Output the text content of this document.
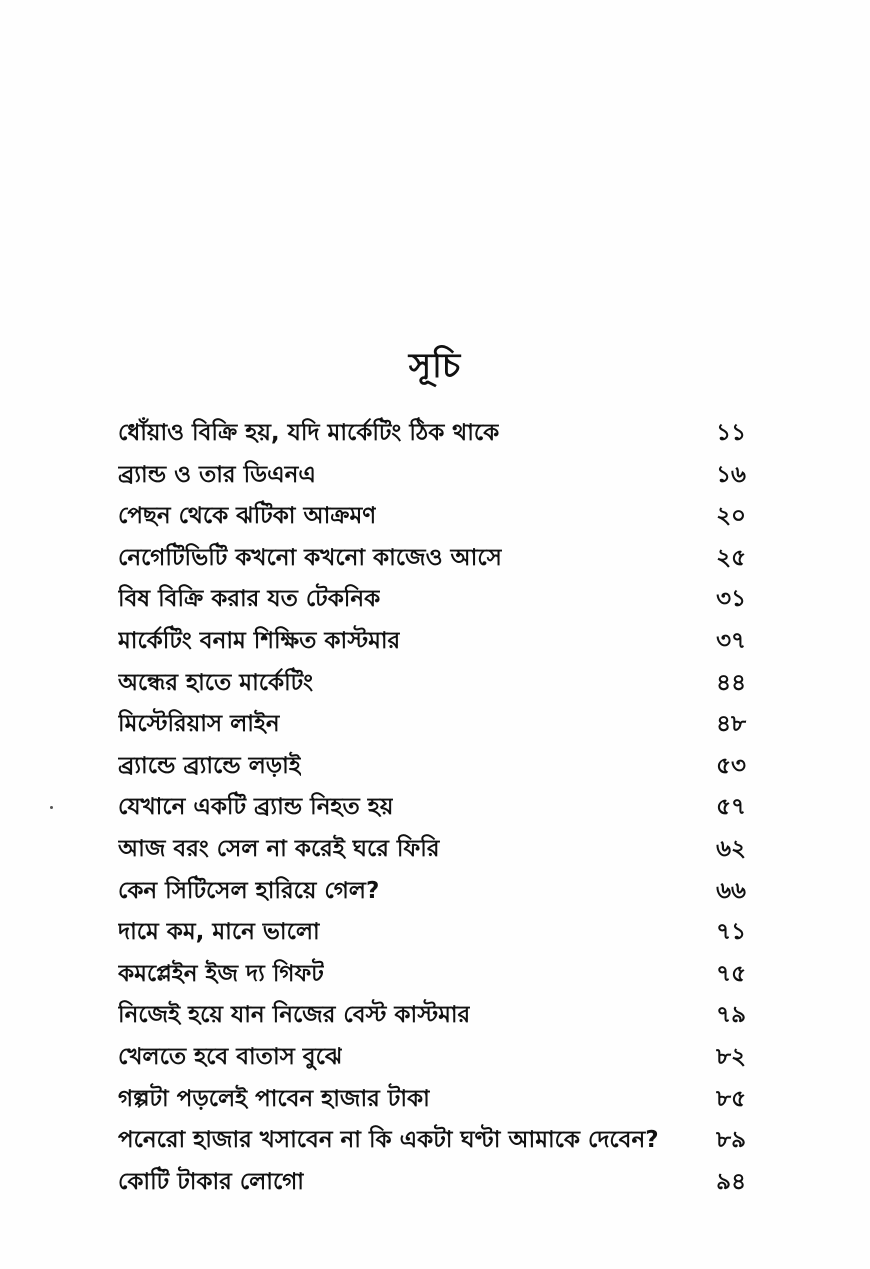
সূচি
ধোঁয়াও বিক্রি হয়, যদি মার্কেটিং ঠিক থাকে	১১
ব্র্যান্ড ও তার ডিএনএ	১৬
পেছন থেকে ঝটিকা আক্রমণ	২০
নেগেটিভিটি কখনো কখনো কাজেও আসে	২৫
বিষ বিক্রি করার যত টেকনিক	৩১
মার্কেটিং বনাম শিক্ষিত কাস্টমার	৩৭
অন্ধের হাতে মার্কেটিং	৪৪
মিস্টেরিয়াস লাইন	৪৮
ব্র্যান্ডে ব্র্যান্ডে লড়াই	৫৩
যেখানে একটি ব্র্যান্ড নিহত হয়	৫৭
আজ বরং সেল না করেই ঘরে ফিরি	৬২
কেন সিটিসেল হারিয়ে গেল?	৬৬
দামে কম, মানে ভালো	৭১
কমপ্লেইন ইজ দ্য গিফট	৭৫
নিজেই হয়ে যান নিজের বেস্ট কাস্টমার	৭৯
খেলতে হবে বাতাস বুঝে	৮২
গল্পটা পড়লেই পাবেন হাজার টাকা	৮৫
পনেরো হাজার খসাবেন না কি একটা ঘণ্টা আমাকে দেবেন?	৮৯
কোটি টাকার লোগো	৯৪
